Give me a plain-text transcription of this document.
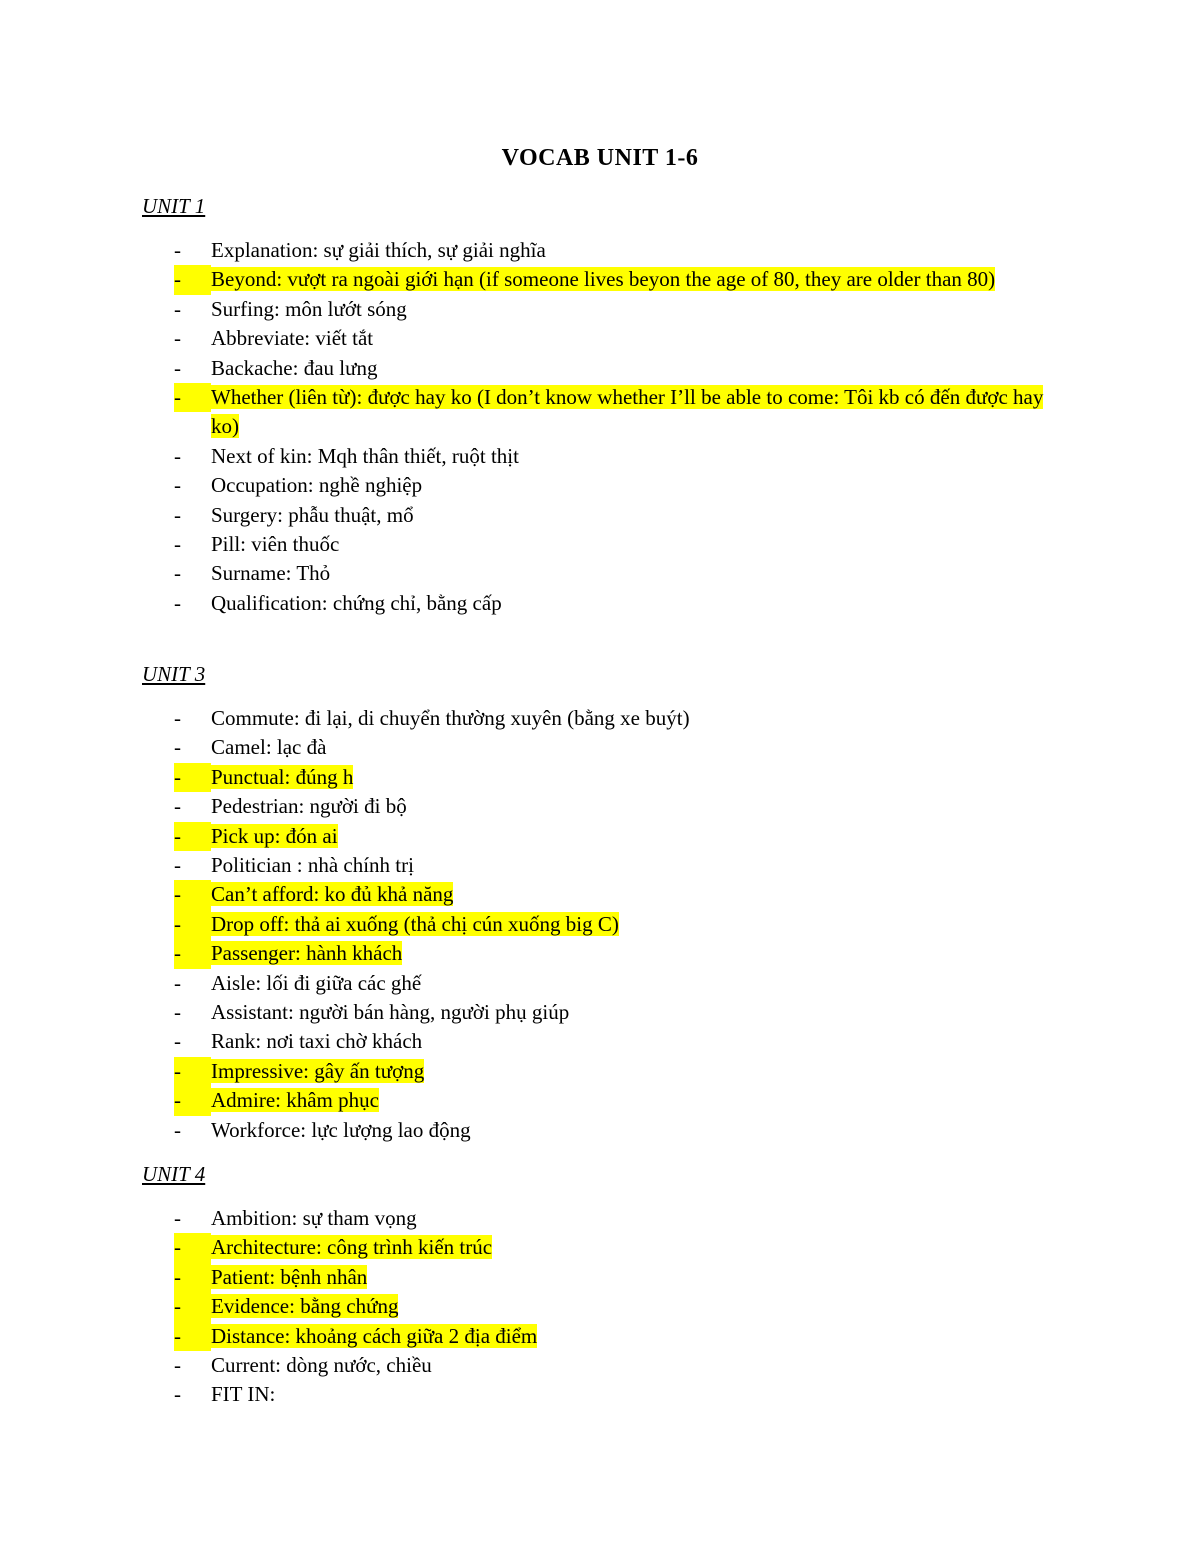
VOCAB UNIT 1-6
UNIT 1
-	Explanation: sự giải thích, sự giải nghĩa
-	Beyond: vượt ra ngoài giới hạn (if someone lives beyon the age of 80, they are older than 80)
-	Surfing: môn lướt sóng
-	Abbreviate: viết tắt
-	Backache: đau lưng
-	Whether (liên từ): được hay ko (I don’t know whether I’ll be able to come: Tôi kb có đến được hay ko)
-	Next of kin: Mqh thân thiết, ruột thịt
-	Occupation: nghề nghiệp
-	Surgery: phẫu thuật, mổ
-	Pill: viên thuốc
-	Surname: Thỏ
-	Qualification: chứng chỉ, bằng cấp
UNIT 3
-	Commute: đi lại, di chuyển thường xuyên (bằng xe buýt)
-	Camel: lạc đà
-	Punctual: đúng h
-	Pedestrian: người đi bộ
-	Pick up: đón ai
-	Politician : nhà chính trị
-	Can’t afford: ko đủ khả năng
-	Drop off: thả ai xuống (thả chị cún xuống big C)
-	Passenger: hành khách
-	Aisle: lối đi giữa các ghế
-	Assistant: người bán hàng, người phụ giúp
-	Rank: nơi taxi chờ khách
-	Impressive: gây ấn tượng
-	Admire: khâm phục
-	Workforce: lực lượng lao động
UNIT 4
-	Ambition: sự tham vọng
-	Architecture: công trình kiến trúc
-	Patient: bệnh nhân
-	Evidence: bằng chứng
-	Distance: khoảng cách giữa 2 địa điểm
-	Current: dòng nước, chiều
-	FIT IN:
